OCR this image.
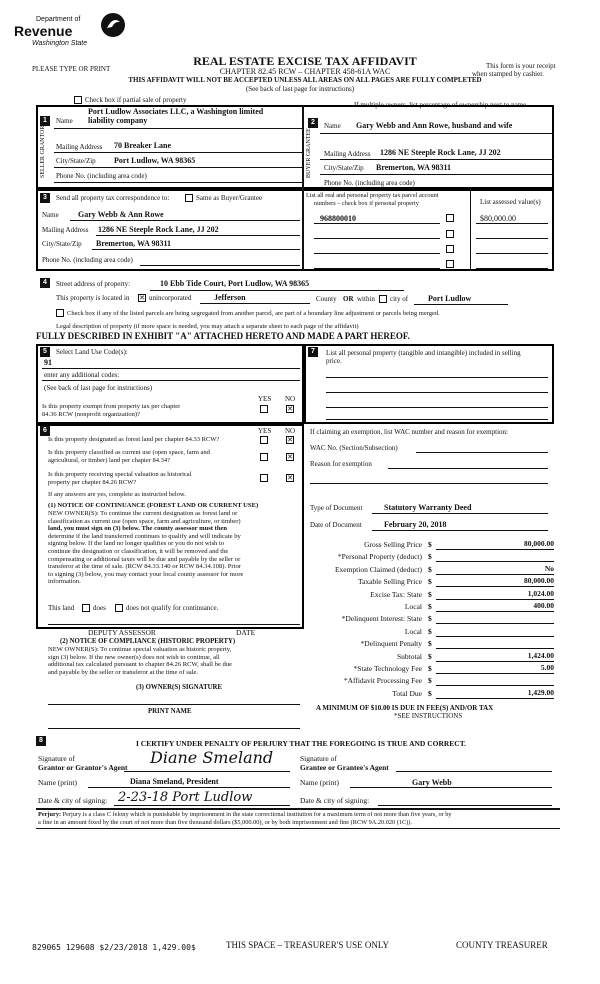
Department of
Revenue
Washington State
PLEASE TYPE OR PRINT
REAL ESTATE EXCISE TAX AFFIDAVIT
CHAPTER 82.45 RCW – CHAPTER 458-61A WAC
THIS AFFIDAVIT WILL NOT BE ACCEPTED UNLESS ALL AREAS ON ALL PAGES ARE FULLY COMPLETED
(See back of last page for instructions)
This form is your receipt
when stamped by cashier.
Check box if partial sale of property
If multiple owners, list percentage of ownership next to name.
1
SELLER GRANTOR
Name
Port Ludlow Associates LLC, a Washington limited
liability company
Mailing Address 70 Breaker Lane
City/State/Zip Port Ludlow, WA 98365
Phone No. (including area code)
2
BUYER GRANTEE
Name Gary Webb and Ann Rowe, husband and wife
Mailing Address 1286 NE Steeple Rock Lane, JJ 202
City/State/Zip Bremerton, WA 98311
Phone No. (including area code)
3	Send all property tax correspondence to:	Same as Buyer/Grantee
Name Gary Webb & Ann Rowe
Mailing Address 1286 NE Steeple Rock Lane, JJ 202
City/State/Zip Bremerton, WA 98311
Phone No. (including area code)
List all real and personal property tax parcel account
numbers – check box if personal property	List assessed value(s)
968800010	$80,000.00
4	Street address of property:	10 Ebb Tide Court, Port Ludlow, WA 98365
This property is located in ✕ unincorporated	Jefferson	County OR within city of Port Ludlow
Check box if any of the listed parcels are being segregated from another parcel, are part of a boundary line adjustment or parcels being merged.
Legal description of property (if more space is needed, you may attach a separate sheet to each page of the affidavit)
FULLY DESCRIBED IN EXHIBIT "A" ATTACHED HERETO AND MADE A PART HEREOF.
5	Select Land Use Code(s):
91
enter any additional codes:
(See back of last page for instructions)
YES NO
Is this property exempt from property tax per chapter
84.36 RCW (nonprofit organization)?
✕
7	List all personal property (tangible and intangible) included in selling
price.
6	YES NO
Is this property designated as forest land per chapter 84.33 RCW?	✕
Is this property classified as current use (open space, farm and
agricultural, or timber) land per chapter 84.34?	✕
Is this property receiving special valuation as historical
property per chapter 84.26 RCW?
✕
If any answers are yes, complete as instructed below.
(1) NOTICE OF CONTINUANCE (FOREST LAND OR CURRENT USE)
NEW OWNER(S): To continue the current designation as forest land or
classification as current use (open space, farm and agriculture, or timber)
land, you must sign on (3) below. The county assessor must then
determine if the land transferred continues to qualify and will indicate by
signing below. If the land no longer qualifies or you do not wish to
continue the designation or classification, it will be removed and the
compensating or additional taxes will be due and payable by the seller or
transferor at the time of sale. (RCW 84.33.140 or RCW 84.34.108). Prior
to signing (3) below, you may contact your local county assessor for more
information.
This land	does	does not qualify for continuance.
DEPUTY ASSESSOR	DATE
(2) NOTICE OF COMPLIANCE (HISTORIC PROPERTY)
NEW OWNER(S): To continue special valuation as historic property,
sign (3) below. If the new owner(s) does not wish to continue, all
additional tax calculated pursuant to chapter 84.26 RCW, shall be due
and payable by the seller or transferor at the time of sale.
(3) OWNER(S) SIGNATURE
PRINT NAME
If claiming an exemption, list WAC number and reason for exemption:
WAC No. (Section/Subsection)
Reason for exemption
Type of Document	Statutory Warranty Deed
Date of Document	February 20, 2018
Gross Selling Price $	80,000.00
*Personal Property (deduct) $
Exemption Claimed (deduct) $	No
Taxable Selling Price $	80,000.00
Excise Tax: State $	1,024.00
Local $	400.00
*Delinquent Interest: State $
Local $
*Delinquent Penalty $
Subtotal $	1,424.00
*State Technology Fee $	5.00
*Affidavit Processing Fee $
Total Due $	1,429.00
A MINIMUM OF $10.00 IS DUE IN FEE(S) AND/OR TAX
*SEE INSTRUCTIONS
8	I CERTIFY UNDER PENALTY OF PERJURY THAT THE FOREGOING IS TRUE AND CORRECT.
Signature of
Grantor or Grantor's Agent
Diane Smeland
Name (print)	Diana Smeland, President
Date & city of signing: 2-23-18 Port Ludlow
Signature of
Grantee or Grantee's Agent
Name (print)	Gary Webb
Date & city of signing:
Perjury: Perjury is a class C felony which is punishable by imprisonment in the state correctional institution for a maximum term of not more than five years, or by
a fine in an amount fixed by the court of not more than five thousand dollars ($5,000.00), or by both imprisonment and fine (RCW 9A.20.020 (1C)).
829065 129608 $2/23/2018 1,429.00$	THIS SPACE – TREASURER'S USE ONLY	COUNTY TREASURER
